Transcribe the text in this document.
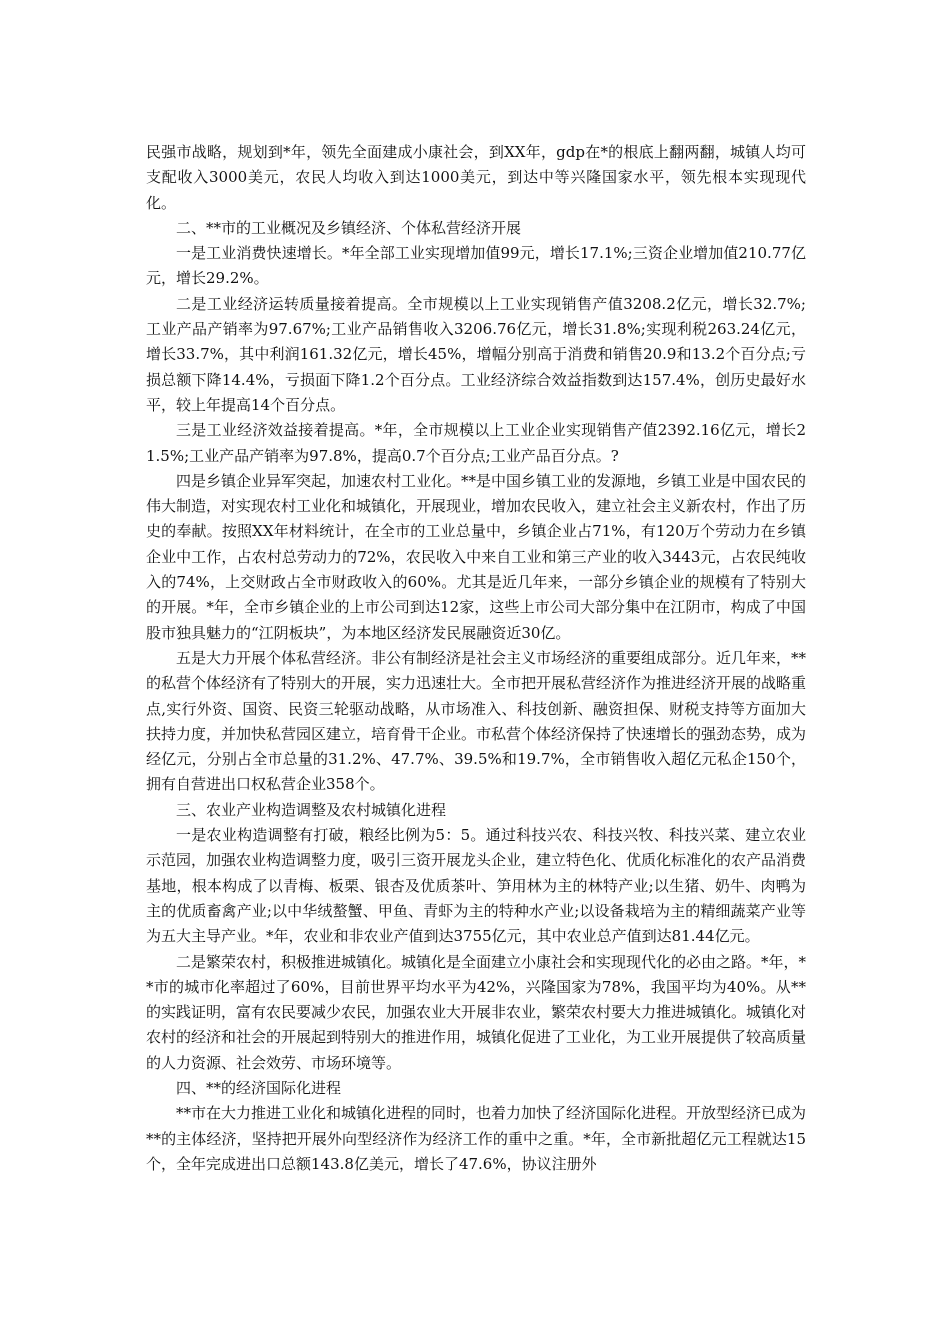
民强市战略，规划到*年，领先全面建成小康社会，到XX年，gdp在*的根底上翻两翻，城镇人均可支配收入3000美元，农民人均收入到达1000美元，到达中等兴隆国家水平，领先根本实现现代化。

二、**市的工业概况及乡镇经济、个体私营经济开展

一是工业消费快速增长。*年全部工业实现增加值99元，增长17.1%;三资企业增加值210.77亿元，增长29.2%。

二是工业经济运转质量接着提高。全市规模以上工业实现销售产值3208.2亿元，增长32.7%;工业产品产销率为97.67%;工业产品销售收入3206.76亿元，增长31.8%;实现利税263.24亿元，增长33.7%，其中利润161.32亿元，增长45%，增幅分别高于消费和销售20.9和13.2个百分点;亏损总额下降14.4%，亏损面下降1.2个百分点。工业经济综合效益指数到达157.4%，创历史最好水平，较上年提高14个百分点。

三是工业经济效益接着提高。*年，全市规模以上工业企业实现销售产值2392.16亿元，增长21.5%;工业产品产销率为97.8%，提高0.7个百分点;工业产品百分点。?

四是乡镇企业异军突起，加速农村工业化。**是中国乡镇工业的发源地，乡镇工业是中国农民的伟大制造，对实现农村工业化和城镇化，开展现业，增加农民收入，建立社会主义新农村，作出了历史的奉献。按照XX年材料统计，在全市的工业总量中，乡镇企业占71%，有120万个劳动力在乡镇企业中工作，占农村总劳动力的72%，农民收入中来自工业和第三产业的收入3443元，占农民纯收入的74%，上交财政占全市财政收入的60%。尤其是近几年来，一部分乡镇企业的规模有了特别大的开展。*年，全市乡镇企业的上市公司到达12家，这些上市公司大部分集中在江阴市，构成了中国股市独具魅力的“江阴板块”，为本地区经济发民展融资近30亿。

五是大力开展个体私营经济。非公有制经济是社会主义市场经济的重要组成部分。近几年来，**的私营个体经济有了特别大的开展，实力迅速壮大。全市把开展私营经济作为推进经济开展的战略重点,实行外资、国资、民资三轮驱动战略，从市场准入、科技创新、融资担保、财税支持等方面加大扶持力度，并加快私营园区建立，培育骨干企业。市私营个体经济保持了快速增长的强劲态势，成为经亿元，分别占全市总量的31.2%、47.7%、39.5%和19.7%，全市销售收入超亿元私企150个，拥有自营进出口权私营企业358个。

三、农业产业构造调整及农村城镇化进程

一是农业构造调整有打破，粮经比例为5：5。通过科技兴农、科技兴牧、科技兴菜、建立农业示范园，加强农业构造调整力度，吸引三资开展龙头企业，建立特色化、优质化标准化的农产品消费基地，根本构成了以青梅、板栗、银杏及优质茶叶、笋用林为主的林特产业;以生猪、奶牛、肉鸭为主的优质畜禽产业;以中华绒螯蟹、甲鱼、青虾为主的特种水产业;以设备栽培为主的精细蔬菜产业等为五大主导产业。*年，农业和非农业产值到达3755亿元，其中农业总产值到达81.44亿元。

二是繁荣农村，积极推进城镇化。城镇化是全面建立小康社会和实现现代化的必由之路。*年，**市的城市化率超过了60%，目前世界平均水平为42%，兴隆国家为78%，我国平均为40%。从**的实践证明，富有农民要减少农民，加强农业大开展非农业，繁荣农村要大力推进城镇化。城镇化对农村的经济和社会的开展起到特别大的推进作用，城镇化促进了工业化，为工业开展提供了较高质量的人力资源、社会效劳、市场环境等。

四、**的经济国际化进程

**市在大力推进工业化和城镇化进程的同时，也着力加快了经济国际化进程。开放型经济已成为**的主体经济，坚持把开展外向型经济作为经济工作的重中之重。*年，全市新批超亿元工程就达15个，全年完成进出口总额143.8亿美元，增长了47.6%，协议注册外
